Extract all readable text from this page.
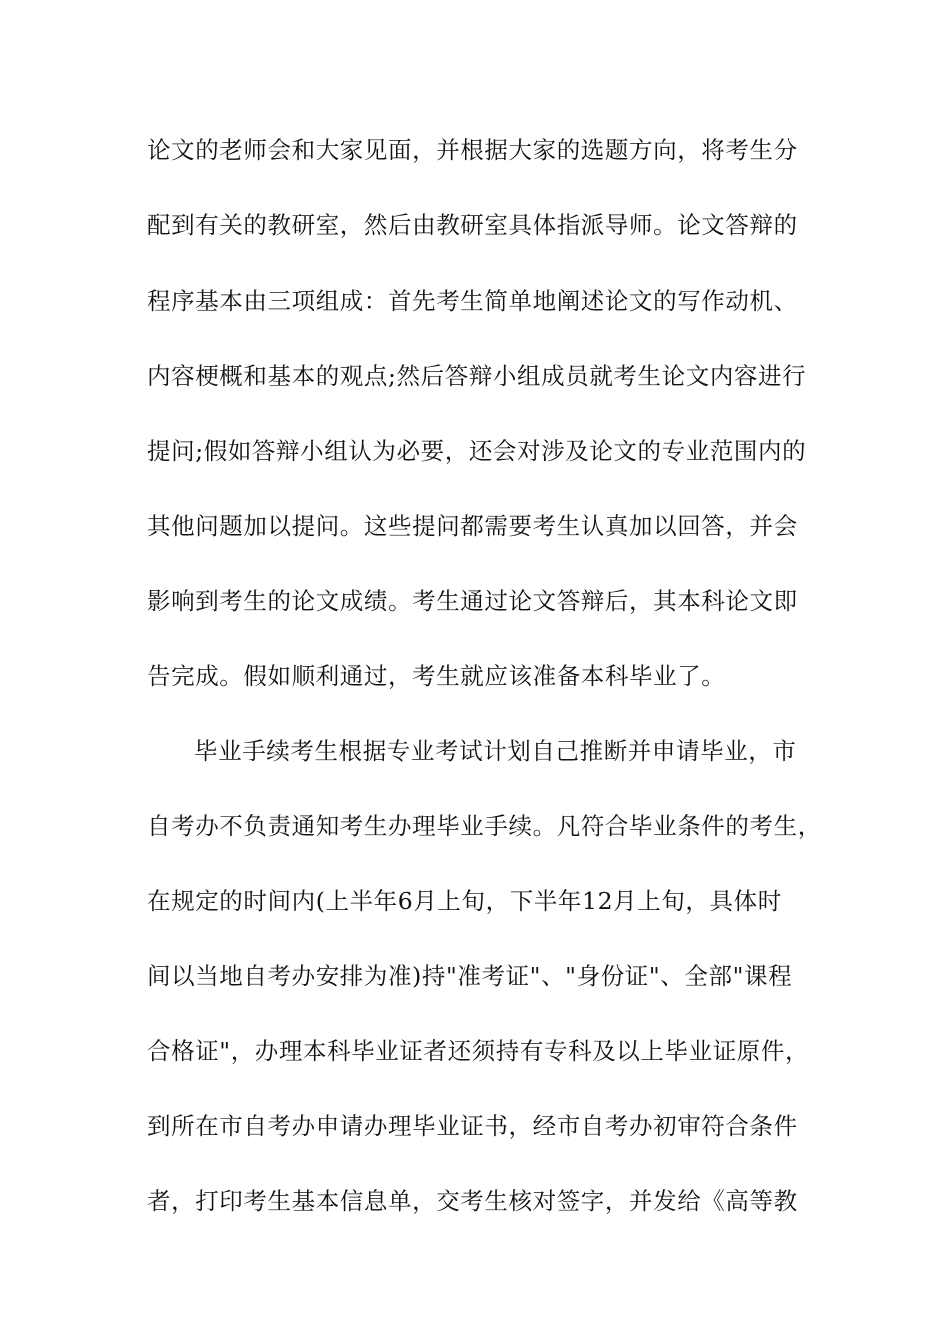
论文的老师会和大家见面，并根据大家的选题方向，将考生分
配到有关的教研室，然后由教研室具体指派导师。论文答辩的
程序基本由三项组成：首先考生简单地阐述论文的写作动机、
内容梗概和基本的观点;然后答辩小组成员就考生论文内容进行
提问;假如答辩小组认为必要，还会对涉及论文的专业范围内的
其他问题加以提问。这些提问都需要考生认真加以回答，并会
影响到考生的论文成绩。考生通过论文答辩后，其本科论文即
告完成。假如顺利通过，考生就应该准备本科毕业了。
毕业手续考生根据专业考试计划自己推断并申请毕业，市
自考办不负责通知考生办理毕业手续。凡符合毕业条件的考生，
在规定的时间内(上半年6月上旬，下半年12月上旬，具体时
间以当地自考办安排为准)持"准考证"、"身份证"、全部"课程
合格证"，办理本科毕业证者还须持有专科及以上毕业证原件，
到所在市自考办申请办理毕业证书，经市自考办初审符合条件
者，打印考生基本信息单，交考生核对签字，并发给《高等教
